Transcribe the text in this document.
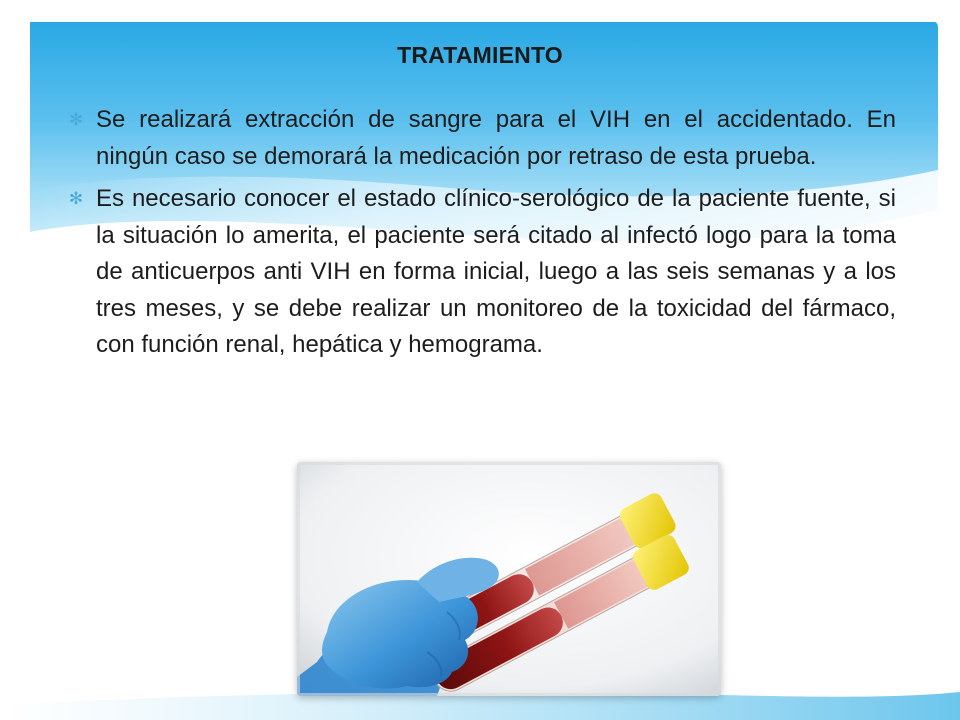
TRATAMIENTO
✻ Se realizará extracción de sangre para el VIH en el accidentado. En ningún caso se demorará la medicación por retraso de esta prueba.
✻ Es necesario conocer el estado clínico-serológico de la paciente fuente, si la situación lo amerita, el paciente será citado al infectó logo para la toma de anticuerpos anti VIH en forma inicial, luego a las seis semanas y a los tres meses, y se debe realizar un monitoreo de la toxicidad del fármaco, con función renal, hepática y hemograma.
